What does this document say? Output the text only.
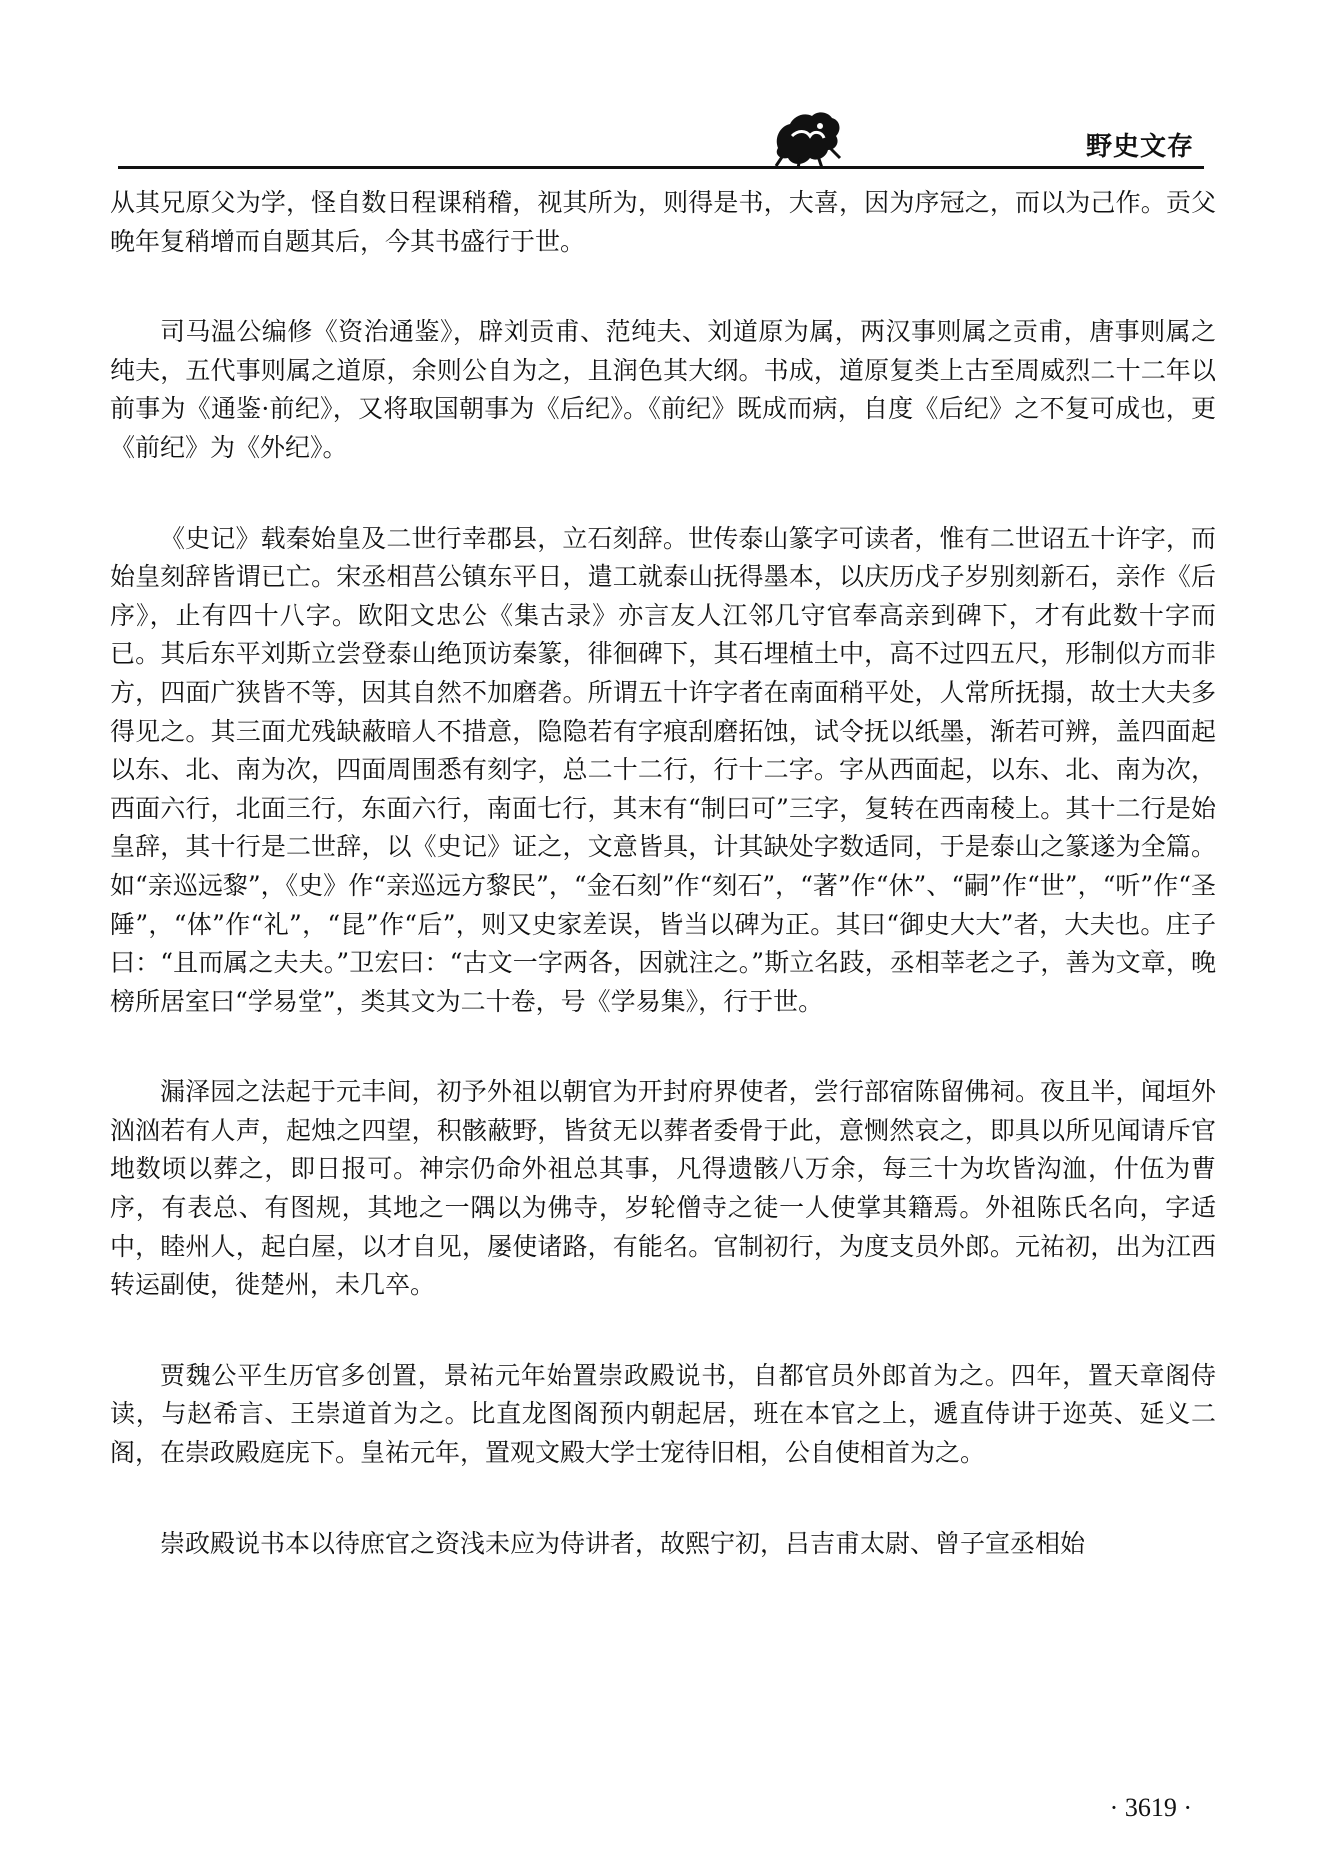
野史文存

从其兄原父为学，怪自数日程课稍稽，视其所为，则得是书，大喜，因为序冠之，而以为己作。贡父晚年复稍增而自题其后，今其书盛行于世。

司马温公编修《资治通鉴》，辟刘贡甫、范纯夫、刘道原为属，两汉事则属之贡甫，唐事则属之纯夫，五代事则属之道原，余则公自为之，且润色其大纲。书成，道原复类上古至周威烈二十二年以前事为《通鉴·前纪》，又将取国朝事为《后纪》。《前纪》既成而病，自度《后纪》之不复可成也，更《前纪》为《外纪》。

《史记》载秦始皇及二世行幸郡县，立石刻辞。世传泰山篆字可读者，惟有二世诏五十许字，而始皇刻辞皆谓已亡。宋丞相莒公镇东平日，遣工就泰山抚得墨本，以庆历戊子岁别刻新石，亲作《后序》，止有四十八字。欧阳文忠公《集古录》亦言友人江邻几守官奉高亲到碑下，才有此数十字而已。其后东平刘斯立尝登泰山绝顶访秦篆，徘徊碑下，其石埋植土中，高不过四五尺，形制似方而非方，四面广狭皆不等，因其自然不加磨砻。所谓五十许字者在南面稍平处，人常所抚搨，故士大夫多得见之。其三面尤残缺蔽暗人不措意，隐隐若有字痕刮磨拓蚀，试令抚以纸墨，渐若可辨，盖四面起以东、北、南为次，四面周围悉有刻字，总二十二行，行十二字。字从西面起，以东、北、南为次，西面六行，北面三行，东面六行，南面七行，其末有“制曰可”三字，复转在西南稜上。其十二行是始皇辞，其十行是二世辞，以《史记》证之，文意皆具，计其缺处字数适同，于是泰山之篆遂为全篇。如“亲巡远黎”，《史》作“亲巡远方黎民”，“金石刻”作“刻石”，“著”作“休”、“嗣”作“世”，“听”作“圣陲”，“体”作“礼”，“昆”作“后”，则又史家差误，皆当以碑为正。其曰“御史大大”者，大夫也。庄子曰：“且而属之夫夫。”卫宏曰：“古文一字两各，因就注之。”斯立名跂，丞相莘老之子，善为文章，晚榜所居室曰“学易堂”，类其文为二十卷，号《学易集》，行于世。

漏泽园之法起于元丰间，初予外祖以朝官为开封府界使者，尝行部宿陈留佛祠。夜且半，闻垣外汹汹若有人声，起烛之四望，积骸蔽野，皆贫无以葬者委骨于此，意恻然哀之，即具以所见闻请斥官地数顷以葬之，即日报可。神宗仍命外祖总其事，凡得遗骸八万余，每三十为坎皆沟洫，什伍为曹序，有表总、有图规，其地之一隅以为佛寺，岁轮僧寺之徒一人使掌其籍焉。外祖陈氏名向，字适中，睦州人，起白屋，以才自见，屡使诸路，有能名。官制初行，为度支员外郎。元祐初，出为江西转运副使，徙楚州，未几卒。

贾魏公平生历官多创置，景祐元年始置崇政殿说书，自都官员外郎首为之。四年，置天章阁侍读，与赵希言、王崇道首为之。比直龙图阁预内朝起居，班在本官之上，遞直侍讲于迩英、延义二阁，在崇政殿庭庑下。皇祐元年，置观文殿大学士宠待旧相，公自使相首为之。

崇政殿说书本以待庶官之资浅未应为侍讲者，故熙宁初，吕吉甫太尉、曾子宣丞相始

· 3619 ·
